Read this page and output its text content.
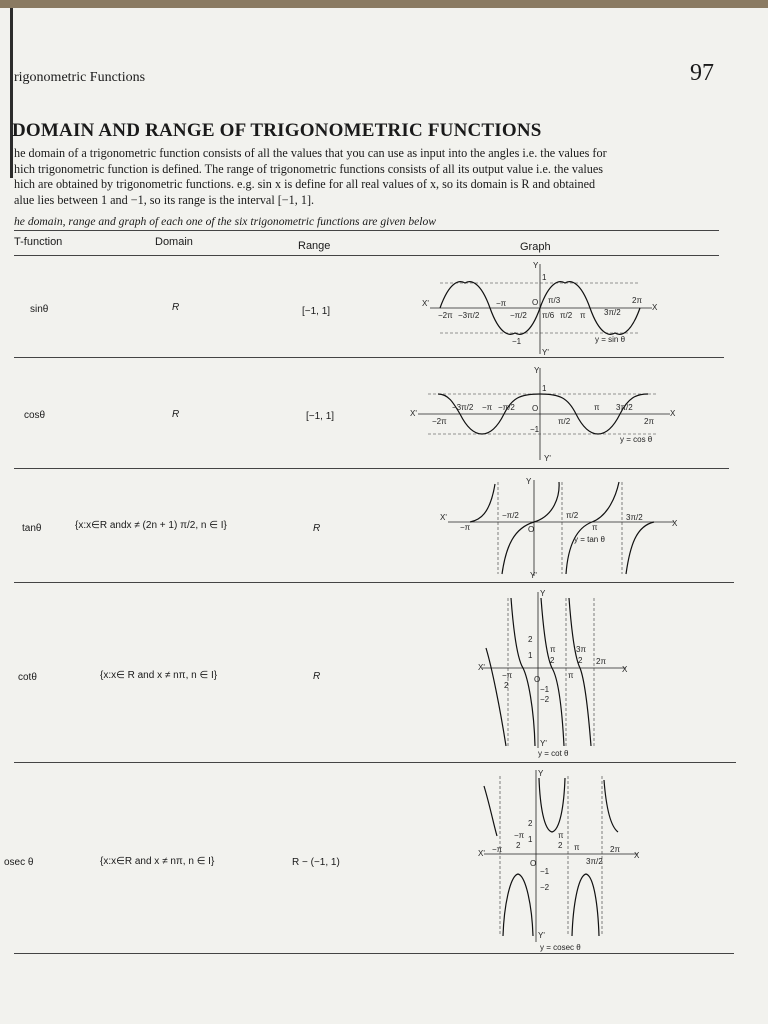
rigonometric Functions	97
DOMAIN AND RANGE OF TRIGONOMETRIC FUNCTIONS

he domain of a trigonometric function consists of all the values that you can use as input into the angles i.e. the values for

hich trigonometric function is defined. The range of trigonometric functions consists of all its output value i.e. the values

hich are obtained by trigonometric functions. e.g. sin x is define for all real values of x, so its domain is R and obtained

alue lies between 1 and −1, so its range is the interval [−1, 1].

he domain, range and graph of each one of the six trigonometric functions are given below
T-function	Domain	Range	Graph
sinθ	R	[−1, 1]
cosθ	R	[−1, 1]
tanθ	{x:x∈R andx ≠ (2n + 1) π/2, n ∈ I}	R
cotθ	{x:x∈ R and x ≠ nπ, n ∈ I}	R
osec θ	{x:x∈R and x ≠ nπ, n ∈ I}	R − (−1, 1)
X'	X
Y
Y'
1
−1
O
−2π −3π/2
−π
−π/2
π/3
π/6 π/2 π 3π/2
2π
y = sin θ
X'	X
Y
Y'
1
−1
O
−3π/2 −π −π/2
−2π	π/2
π 3π/2
2π
y = cos θ
X'
X
Y
Y'
O
−π/2
−π
π/2
π
3π/2
y = tan θ
X'	X
Y
Y'
O
2
1
π
2
3π
2 2π
−π
2
π
−1
−2
y = cot θ
X'	X
Y
Y'
O
−π
−π
2
π
2 π	2π
3π/2
2
1
−1
−2
y = cosec θ
